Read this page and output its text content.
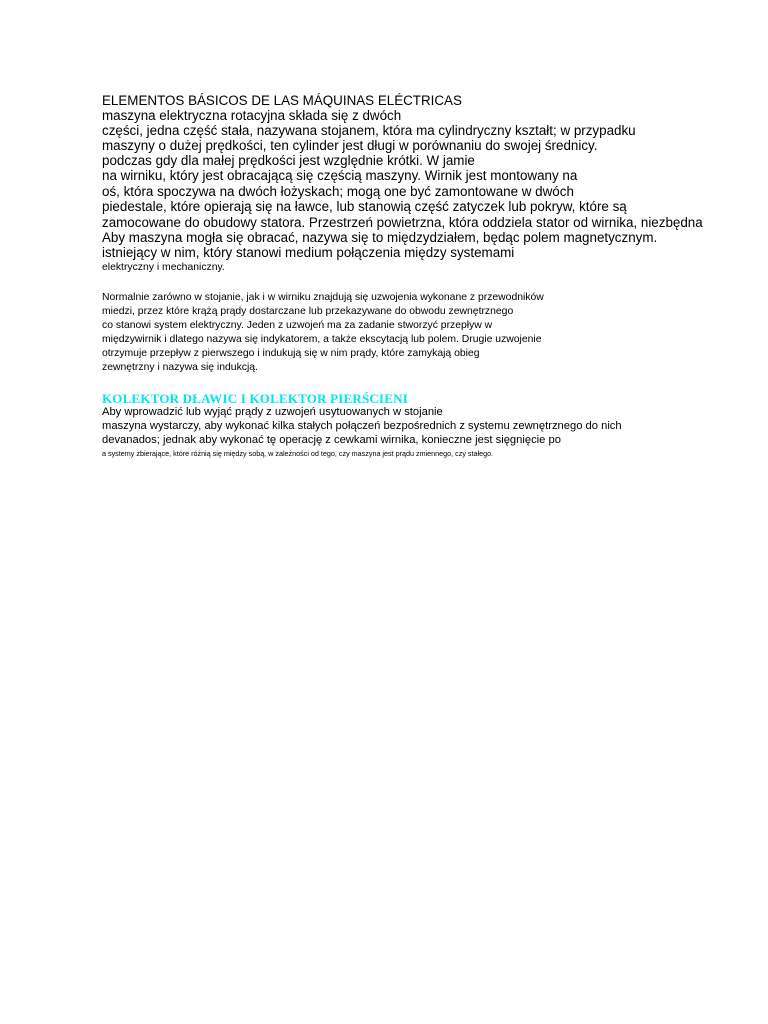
ELEMENTOS BÁSICOS DE LAS MÁQUINAS ELÉCTRICAS
maszyna elektryczna rotacyjna składa się z dwóch
części, jedna część stała, nazywana stojanem, która ma cylindryczny kształt; w przypadku
maszyny o dużej prędkości, ten cylinder jest długi w porównaniu do swojej średnicy.
podczas gdy dla małej prędkości jest względnie krótki. W jamie
na wirniku, który jest obracającą się częścią maszyny. Wirnik jest montowany na
oś, która spoczywa na dwóch łożyskach; mogą one być zamontowane w dwóch
piedestale, które opierają się na ławce, lub stanowią część zatyczek lub pokryw, które są
zamocowane do obudowy statora. Przestrzeń powietrzna, która oddziela stator od wirnika, niezbędna
Aby maszyna mogła się obracać, nazywa się to międzydziałem, będąc polem magnetycznym.
istniejący w nim, który stanowi medium połączenia między systemami
elektryczny i mechaniczny.
Normalnie zarówno w stojanie, jak i w wirniku znajdują się uzwojenia wykonane z przewodników
miedzi, przez które krążą prądy dostarczane lub przekazywane do obwodu zewnętrznego
co stanowi system elektryczny. Jeden z uzwojeń ma za zadanie stworzyć przepływ w
międzywirnik i dlatego nazywa się indykatorem, a także ekscytacją lub polem. Drugie uzwojenie
otrzymuje przepływ z pierwszego i indukują się w nim prądy, które zamykają obieg
zewnętrzny i nazywa się indukcją.
KOLEKTOR DŁAWIC I KOLEKTOR PIERŚCIENI
Aby wprowadzić lub wyjąć prądy z uzwojeń usytuowanych w stojanie
maszyna wystarczy, aby wykonać kilka stałych połączeń bezpośrednich z systemu zewnętrznego do nich
devanados; jednak aby wykonać tę operację z cewkami wirnika, konieczne jest sięgnięcie po
a systemy zbierające, które różnią się między sobą, w zależności od tego, czy maszyna jest prądu zmiennego, czy stałego.
